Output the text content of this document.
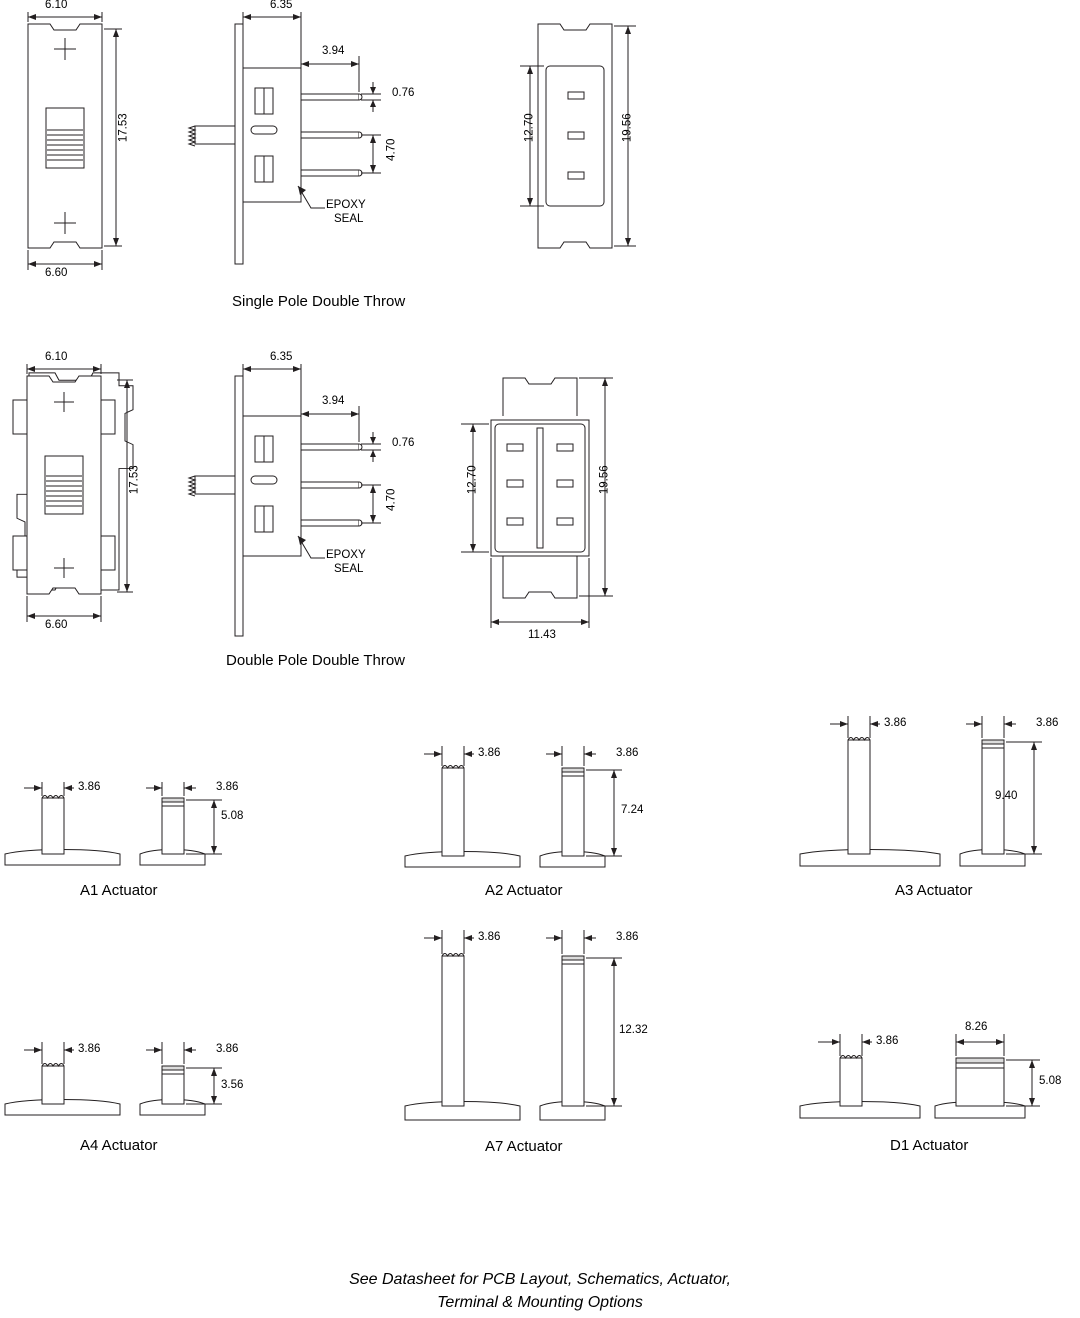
6.10
6.60
17.53
6.35
3.94
0.76
4.70
EPOXY
SEAL
12.70	19.56
Single Pole Double Throw
6.10
6.60
17.53
6.35
3.94
0.76
4.70
EPOXY
SEAL
12.70	19.56
11.43
Double Pole Double Throw
3.86	3.86
5.08
A1 Actuator
3.86	3.86
7.24
A2 Actuator
3.86	3.86
9.40
A3 Actuator
3.86	3.86
3.56
A4 Actuator
3.86	3.86
12.32
A7 Actuator
3.86
8.26
5.08
D1 Actuator
See Datasheet for PCB Layout, Schematics, Actuator,
Terminal & Mounting Options
